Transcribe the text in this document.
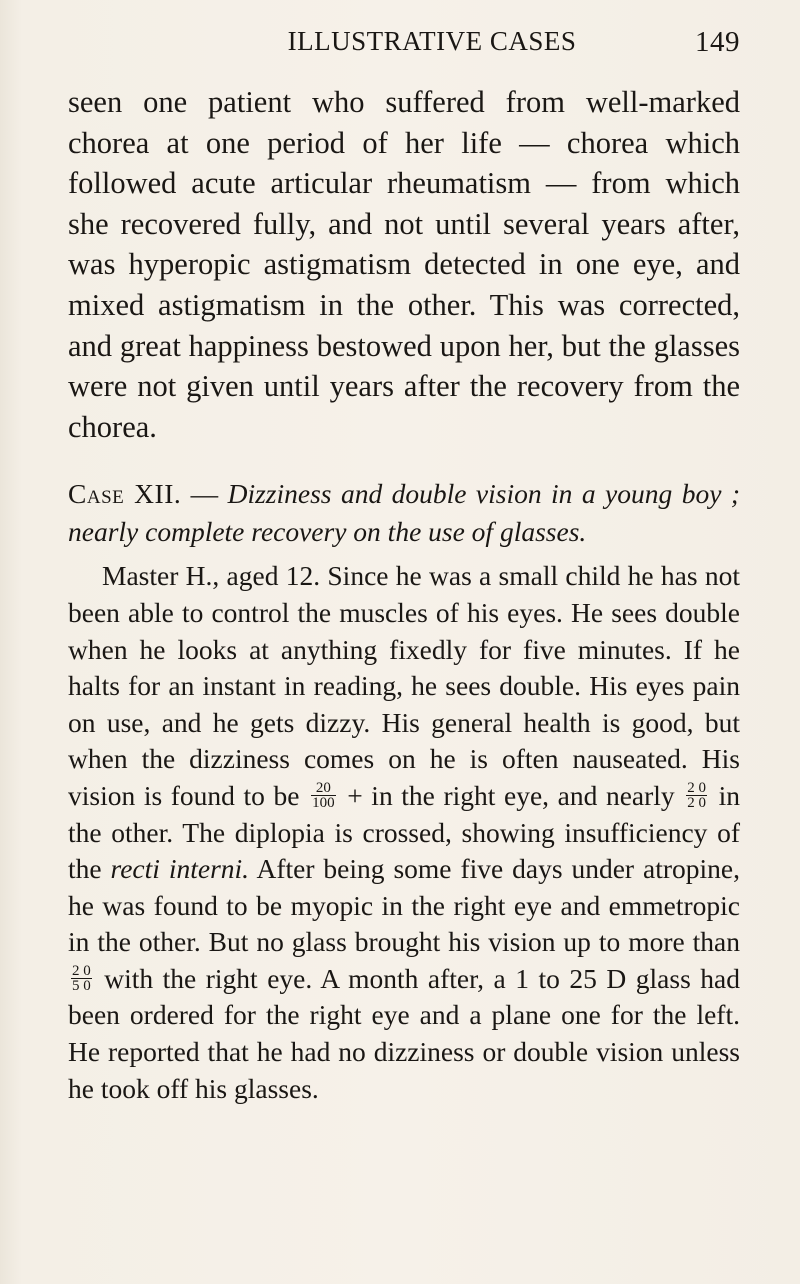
ILLUSTRATIVE CASES	149

seen one patient who suffered from well-marked chorea at one period of her life — chorea which followed acute articular rheumatism — from which she recovered fully, and not until several years after, was hyperopic astigmatism detected in one eye, and mixed astigmatism in the other. This was corrected, and great happiness bestowed upon her, but the glasses were not given until years after the recovery from the chorea.

Case XII. — Dizziness and double vision in a young boy ; nearly complete recovery on the use of glasses.

Master H., aged 12. Since he was a small child he has not been able to control the muscles of his eyes. He sees double when he looks at anything fixedly for five minutes. If he halts for an instant in reading, he sees double. His eyes pain on use, and he gets dizzy. His general health is good, but when the dizziness comes on he is often nauseated. His vision is found to be $\frac{20}{100}$ + in the right eye, and nearly $\frac{2 0}{2 0}$ in the other. The diplopia is crossed, showing insufficiency of the recti interni. After being some five days under atropine, he was found to be myopic in the right eye and emmetropic in the other. But no glass brought his vision up to more than
$\frac{2 0}{5 0}$ with the right eye. A month after, a 1 to 25 D glass had been ordered for the right eye and a plane one for the left. He reported that he had no dizziness or double vision unless he took off his glasses.
